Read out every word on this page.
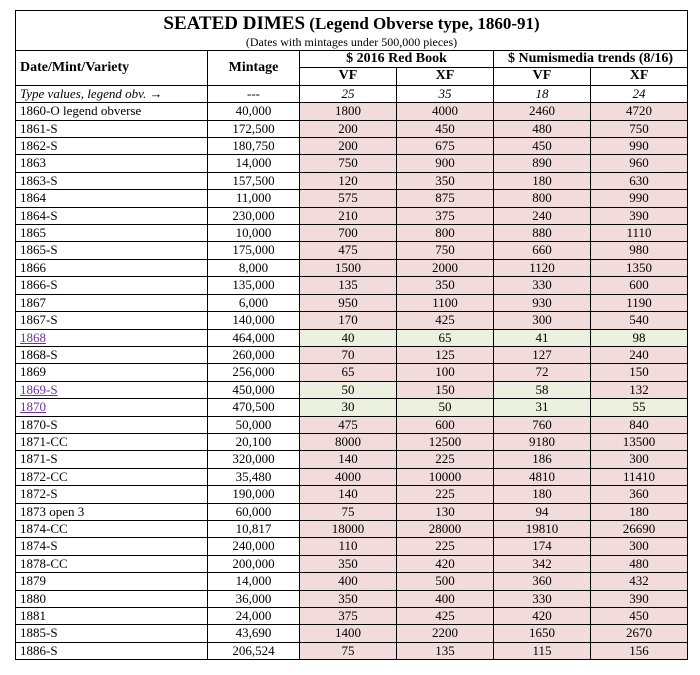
SEATED DIMES (Legend Obverse type, 1860-91)
(Dates with mintages under 500,000 pieces)					

Date/Mint/Variety	Mintage	$ 2016 Red Book		$ Numismedia trends (8/16)	
		VF	XF	VF	XF
Type values, legend obv. →	---	25	35	18	24
1860-O legend obverse	40,000	1800	4000	2460	4720
1861-S	172,500	200	450	480	750
1862-S	180,750	200	675	450	990
1863	14,000	750	900	890	960
1863-S	157,500	120	350	180	630
1864	11,000	575	875	800	990
1864-S	230,000	210	375	240	390
1865	10,000	700	800	880	1110
1865-S	175,000	475	750	660	980
1866	8,000	1500	2000	1120	1350
1866-S	135,000	135	350	330	600
1867	6,000	950	1100	930	1190
1867-S	140,000	170	425	300	540
1868	464,000	40	65	41	98
1868-S	260,000	70	125	127	240
1869	256,000	65	100	72	150
1869-S	450,000	50	150	58	132
1870	470,500	30	50	31	55
1870-S	50,000	475	600	760	840
1871-CC	20,100	8000	12500	9180	13500
1871-S	320,000	140	225	186	300
1872-CC	35,480	4000	10000	4810	11410
1872-S	190,000	140	225	180	360
1873 open 3	60,000	75	130	94	180
1874-CC	10,817	18000	28000	19810	26690
1874-S	240,000	110	225	174	300
1878-CC	200,000	350	420	342	480
1879	14,000	400	500	360	432
1880	36,000	350	400	330	390
1881	24,000	375	425	420	450
1885-S	43,690	1400	2200	1650	2670
1886-S	206,524	75	135	115	156
